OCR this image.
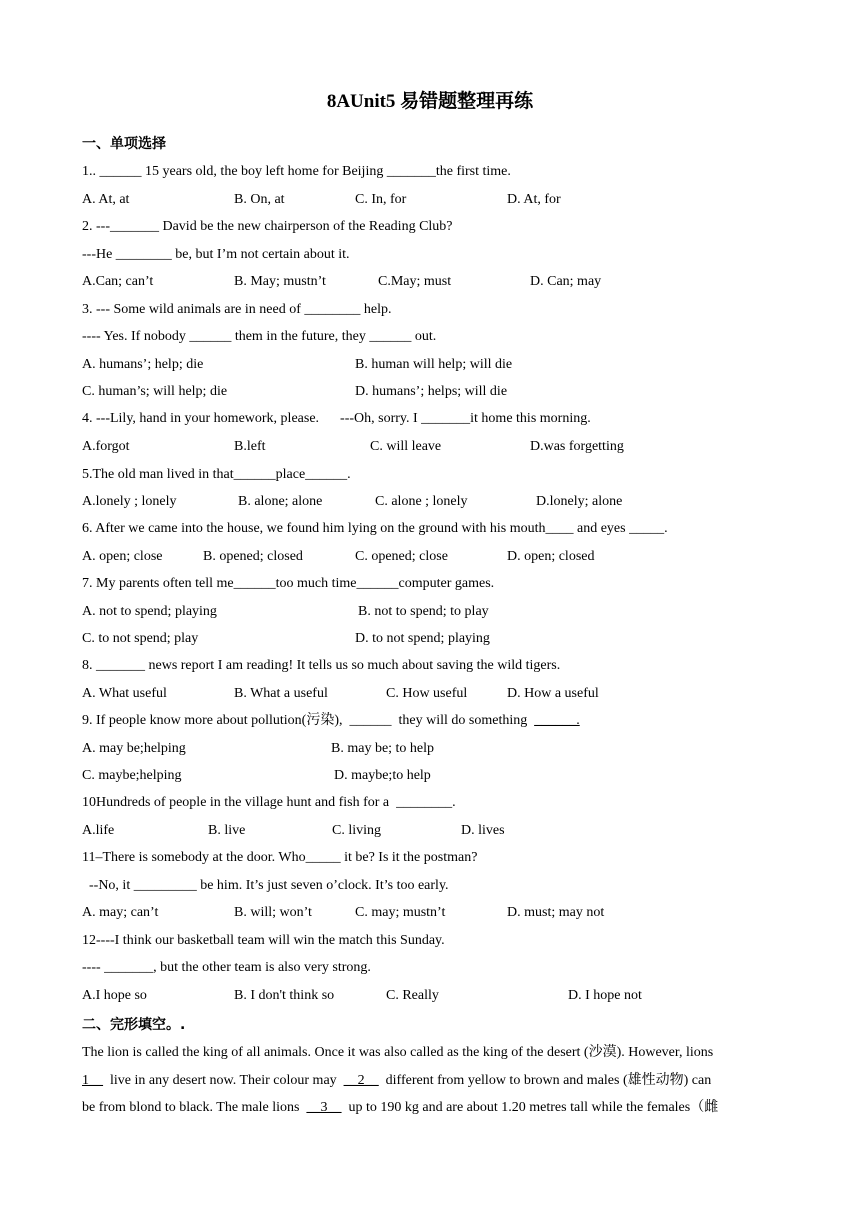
8AUnit5 易错题整理再练
一、单项选择
1.. ______ 15 years old, the boy left home for Beijing _______the first time.
A. At, at	B. On, at	C. In, for	D. At, for
2. ---_______ David be the new chairperson of the Reading Club?
---He ________ be, but I’m not certain about it.
A.Can; can’t	B. May; mustn’t	C.May; must	D. Can; may
3. --- Some wild animals are in need of ________ help.
---- Yes. If nobody ______ them in the future, they ______ out.
A. humans’; help; die	B. human will help; will die
C. human’s; will help; die	D. humans’; helps; will die
4. ---Lily, hand in your homework, please.      ---Oh, sorry. I _______it home this morning.
A.forgot	B.left	C. will leave	D.was forgetting
5.The old man lived in that______place______.
A.lonely ; lonely	B. alone; alone	C. alone ; lonely	D.lonely; alone
6. After we came into the house, we found him lying on the ground with his mouth____ and eyes _____.
A. open; close	B. opened; closed	C. opened; close	D. open; closed
7. My parents often tell me______too much time______computer games.
A. not to spend; playing	B. not to spend; to play
C. to not spend; play	D. to not spend; playing
8. _______ news report I am reading! It tells us so much about saving the wild tigers.
A. What useful	B. What a useful	C. How useful	D. How a useful
9. If people know more about pollution(污染),  ______  they will do something  ______.
A. may be;helping	B. may be; to help
C. maybe;helping	D. maybe;to help
10Hundreds of people in the village hunt and fish for a  ________.
A.life	B. live	C. living	D. lives
11–There is somebody at the door. Who_____ it be? Is it the postman?
--No, it _________ be him. It’s just seven o’clock. It’s too early.
A. may; can’t	B. will; won’t	C. may; mustn’t	D. must; may not
12----I think our basketball team will win the match this Sunday.
---- _______, but the other team is also very strong.
A.I hope so	B. I don't think so	C. Really	D. I hope not
二、完形填空。.
The lion is called the king of all animals. Once it was also called as the king of the desert (沙漠). However, lions
1__  live in any desert now. Their colour may  __2__  different from yellow to brown and males (雄性动物) can
be from blond to black. The male lions  __3__  up to 190 kg and are about 1.20 metres tall while the females（雌
